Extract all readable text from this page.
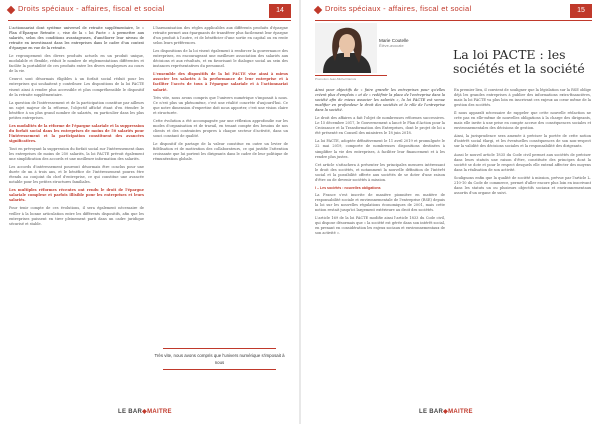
Droits spéciaux - affaires, fiscal et social	14

L'actionnariat dont système universel de retraite supplémentaire, le « Plan d'Épargne Retraite », vise de la « loi Pacte » à permettre aux salariés, selon des conditions avantageuses, d'améliorer leur niveau de retraite en investissant dans les entreprises dans le cadre d'un contrat d'épargne en vue de la retraite.

Le regroupement des divers produits actuels en un produit unique, modulable et flexible, réduit le nombre de réglementations différentes et facilite la portabilité de ces produits entre les divers employeurs au cours de la vie.

Ceux-ci sont désormais éligibles à un forfait social réduit pour les entreprises qui souhaitent y contribuer. Les dispositions de la loi PACTE visent ainsi à rendre plus accessible et plus compréhensible le dispositif de la retraite supplémentaire.

La question de l'intéressement et de la participation constitue par ailleurs un sujet majeur de la réforme, l'objectif affiché étant d'en étendre le bénéfice à un plus grand nombre de salariés, en particulier dans les plus petites entreprises.

Les modalités de la réforme de l'épargne salariale et la suppression du forfait social dans les entreprises de moins de 50 salariés pour l'intéressement et la participation constituent des avancées significatives.

Tout en prévoyant la suppression du forfait social sur l'intéressement dans les entreprises de moins de 250 salariés, la loi PACTE prévoit également une simplification des accords et une meilleure information des salariés.

Les accords d'intéressement pourront désormais être conclus pour une durée de un à trois ans, et le bénéfice de l'intéressement pourra être étendu au conjoint du chef d'entreprise, ce qui constitue une avancée notable pour les petites structures familiales.

Les multiples réformes récentes ont rendu le droit de l'épargne salariale complexe et parfois illisible pour les entreprises et leurs salariés.

Pour tenir compte de ces évolutions, il sera également nécessaire de veiller à la bonne articulation entre les différents dispositifs, afin que les entreprises puissent en tirer pleinement parti dans un cadre juridique sécurisé et stable.

L'harmonisation des règles applicables aux différents produits d'épargne retraite permet aux épargnants de transférer plus facilement leur épargne d'un produit à l'autre, et de bénéficier d'une sortie en capital ou en rente selon leurs préférences.

Les dispositions de la loi visent également à renforcer la gouvernance des entreprises, en encourageant une meilleure association des salariés aux décisions et aux résultats, et en favorisant le dialogue social au sein des instances représentatives du personnel.

L'ensemble des dispositifs de la loi PACTE vise ainsi à mieux associer les salariés à la performance de leur entreprise et à faciliter l'accès de tous à l'épargne salariale et à l'actionnariat salarié.

Très vite, nous avons compris que l'univers numérique s'imposait à nous. Ce n'est plus un phénomène, c'est une réalité concrète d'aujourd'hui. Ce que notre dimension d'expertise doit nous apporter, c'est une vision claire et structurée.

Cette évolution a été accompagnée par une réflexion approfondie sur les modes d'organisation et de travail, en tenant compte des besoins de nos clients et des contraintes propres à chaque secteur d'activité, dans un souci constant de qualité.

Le dispositif de partage de la valeur constitue en outre un levier de fidélisation et de motivation des collaborateurs, ce qui justifie l'attention croissante que lui portent les dirigeants dans le cadre de leur politique de rémunération globale.

Très vite, nous avons compris que l'univers numérique s'imposait à nous
LE BAR◆MAITRE
Droits spéciaux - affaires, fiscal et social	15
Marie Coutelle
Élève-avocate
Promotion Jean-Michel Darrois
La loi PACTE : les sociétés et la société

Ainsi pour objectifs de « faire grandir les entreprises pour qu'elles créent plus d'emplois » et de « redéfinir la place de l'entreprise dans la société afin de mieux associer les salariés », la loi PACTE est venue modifier en profondeur le droit des sociétés et le rôle de l'entreprise dans la société.

Le droit des affaires a fait l'objet de nombreuses réformes successives. Le 15 décembre 2017, le Gouvernement a lancé le Plan d'Action pour la Croissance et la Transformation des Entreprises, dont le projet de loi a été présenté en Conseil des ministres le 18 juin 2018.

La loi PACTE, adoptée définitivement le 11 avril 2019 et promulguée le 22 mai 2019, comporte de nombreuses dispositions destinées à simplifier la vie des entreprises, à faciliter leur financement et à les rendre plus justes.

Cet article s'attachera à présenter les principales mesures intéressant le droit des sociétés, et notamment la nouvelle définition de l'intérêt social et la possibilité offerte aux sociétés de se doter d'une raison d'être ou de devenir sociétés à mission.

I – Les sociétés : nouvelles obligations

La France s'est inscrite de manière pionnière en matière de responsabilité sociale et environnementale de l'entreprise (RSE) depuis la loi sur les nouvelles régulations économiques de 2001, mais cette notion restait jusqu'ici largement extérieure au droit des sociétés.

L'article 169 de la loi PACTE modifie ainsi l'article 1833 du Code civil, qui dispose désormais que « la société est gérée dans son intérêt social, en prenant en considération les enjeux sociaux et environnementaux de son activité ».

En premier lieu, il convient de souligner que la législation sur la RSE oblige déjà les grandes entreprises à publier des informations extra-financières, mais la loi PACTE va plus loin en inscrivant ces enjeux au cœur même de la gestion des sociétés.

Il nous apparaît nécessaire de rappeler que cette nouvelle rédaction ne crée pas en elle-même de nouvelles obligations à la charge des dirigeants, mais elle invite à une prise en compte accrue des conséquences sociales et environnementales des décisions de gestion.

Ainsi, la jurisprudence sera amenée à préciser la portée de cette notion d'intérêt social élargi, et les éventuelles conséquences de son non-respect sur la validité des décisions sociales et la responsabilité des dirigeants.

Aussi le nouvel article 1835 du Code civil permet aux sociétés de préciser dans leurs statuts une raison d'être, constituée des principes dont la société se dote et pour le respect desquels elle entend affecter des moyens dans la réalisation de son activité.

Soulignons enfin que la qualité de société à mission, prévue par l'article L. 210-10 du Code de commerce, permet d'aller encore plus loin en inscrivant dans les statuts un ou plusieurs objectifs sociaux et environnementaux assortis d'un organe de suivi.

LE BAR◆MAITRE
